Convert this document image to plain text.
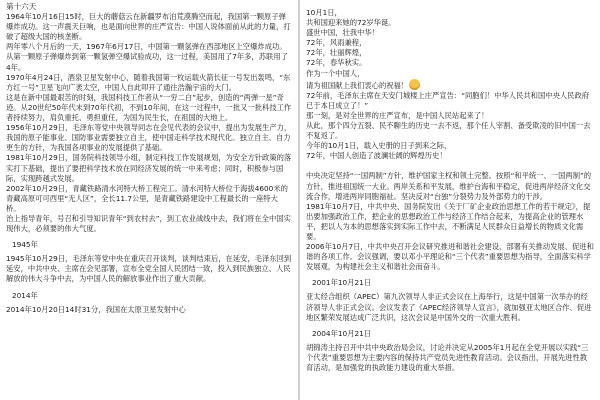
第十六天

1964年10月16日15时，巨大的蘑菇云在新疆罗布泊荒漠腾空而起，我国第一颗原子弹爆炸成功。这一声震天巨响，也是面向世界的庄严宣告：中国人说体面前从此的力量，打破了超级大国的核垄断。

两年零八个月后的一天，1967年6月17日，中国第一颗氢弹在西部地区上空爆炸成功。从第一颗原子弹爆炸到第一颗氢弹空爆试验成功，这一过程，美国用了7年多，苏联用了4年。

1970年4月24日，酒泉卫星发射中心，随着我国第一枚运载火箭长征一号发出轰鸣，“东方红一号”卫星飞向广袤太空，中国人自此叩开了通往浩瀚宇宙的大门。

这是在新中国最艰苦的时刻，我国科技工作者从“一穷二白”起步，创造的“两弹一星”奇迹。从20世纪50年代末到70年代初，不到10年间，在这一过程中，一批又一批科技工作者持续努力，肩负重托、勇担重任，为国为民生长，在祖国的大地上。

1956年10月29日，毛泽东等党中央领导同志在会见代表的会议中，提出为发展生产力，我国的原子能事业、国防事业需要独立自主，使中国走科学技术现代化。独立自主、自力更生的方针，为我国各项事业的发展提供了基础。

1981年10月29日，国务院科技领导小组，制定科技工作发展规划，为安全方针政策的落实打下基础，提出了要把科学技术放在同经济发展的统一中来考虑；同时，积极参与国际，实现跨越式发展。

2002年10月29日，青藏铁路清水河特大桥工程完工。清水河特大桥位于海拔4600米的青藏高原可可西里“无人区”，全长11.7公里，是青藏铁路建设中工程最长的一座特大桥。

治上指导青年，号召和引导知识青年“到农村去”，到工农业战线中去，我们将在全中国实现伟大，必须要的伟大气度。

1945年

1945年10月29日，毛泽东等党中央在重庆召开谈判，谈判结束后，在延安，毛泽东回到延安，中共中央、主席在会见部署，宣布全党全国人民团结一致，投入到民族独立、人民解放的伟大斗争中去，为中国人民的解放事业作出了重大贡献。

2014年

2014年10月20日14时31分，我国在太原卫星发射中心

10月1日，

共和国迎来她的72岁华诞。

盛世中国，壮我中华！

72年，风雨兼程，

72年，壮丽辉煌，

72年，春华秋实。

作为一个中国人，

请为祖国献上我们衷心的祝福！

72年前，毛泽东主席在天安门城楼上庄严宣告：“同胞们！中华人民共和国中央人民政府已于本日成立了！”

那一刻，是对全世界的庄严宣布，是中国人民站起来了！

从此，那个四分五裂、民不聊生的历史一去不返，那个任人宰割、备受欺凌的旧中国一去不复返了。

今年的10月1日，载入史册的日子到来之际，

72年，中国人创造了波澜壮阔的辉煌历史！

中央决定坚持“一国两制”方针，维护国家主权和领土完整。按照“和平统一、一国两制”的方针，推进祖国统一大业。两岸关系和平发展，维护台海和平稳定，促进两岸经济文化交流合作，增进两岸同胞福祉。坚决反对“台独”分裂势力及外部势力的干涉。

1981年10月7日，中共中央、国务院发出《关于厂矿企业政治思想工作的若干规定》，提出要加强政治工作，把企业的思想政治工作与经济工作结合起来，为提高企业的管理水平，把以人为本的思想落实到实际工作中去，不断满足人民群众日益增长的物质文化需要。

2006年10月7日，中共中央召开会议研究推进和谐社会建设，部署有关推动发展、促进和谐的各项工作。会议强调，要以邓小平理论和“三个代表”重要思想为指导，全面落实科学发展观，为构建社会主义和谐社会而奋斗。

2001年10月21日

亚太经合组织（APEC）第九次领导人非正式会议在上海举行，这是中国第一次举办的经济领导人非正式会议。会议发表了《APEC经济领导人宣言》，就加强亚太地区合作、促进地区繁荣发展达成广泛共识，这次会议是中国外交的一次重大胜利。

2004年10月21日

胡锦涛主持召开中共中央政治局会议，讨论并决定从2005年1月起在全党开展以实践“三个代表”重要思想为主要内容的保持共产党员先进性教育活动。会议指出，开展先进性教育活动，是加强党的执政能力建设的重大举措。
